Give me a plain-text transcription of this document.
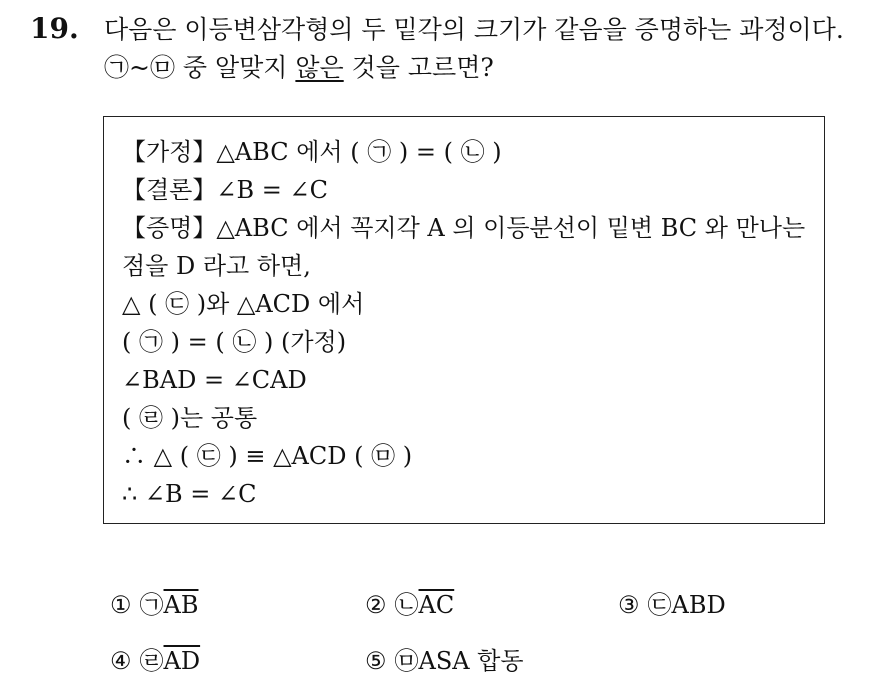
19. 다음은 이등변삼각형의 두 밑각의 크기가 같음을 증명하는 과정이다.
㉠~㉤ 중 알맞지 않은 것을 고르면?
【가정】△ABC 에서 ( ㉠ ) = ( ㉡ )
【결론】∠B = ∠C
【증명】△ABC 에서 꼭지각 A 의 이등분선이 밑변 BC 와 만나는
점을 D 라고 하면,
△ ( ㉢ )와 △ACD 에서
( ㉠ ) = ( ㉡ ) (가정)
∠BAD = ∠CAD
( ㉣ )는 공통
∴ △ ( ㉢ ) ≡ △ACD ( ㉤ )
∴ ∠B = ∠C
① $㉠\overline{AB}$	② $㉡\overline{AC}$	③ ㉢ABD
④ $㉣\overline{AD}$	⑤ ㉤ASA 합동
